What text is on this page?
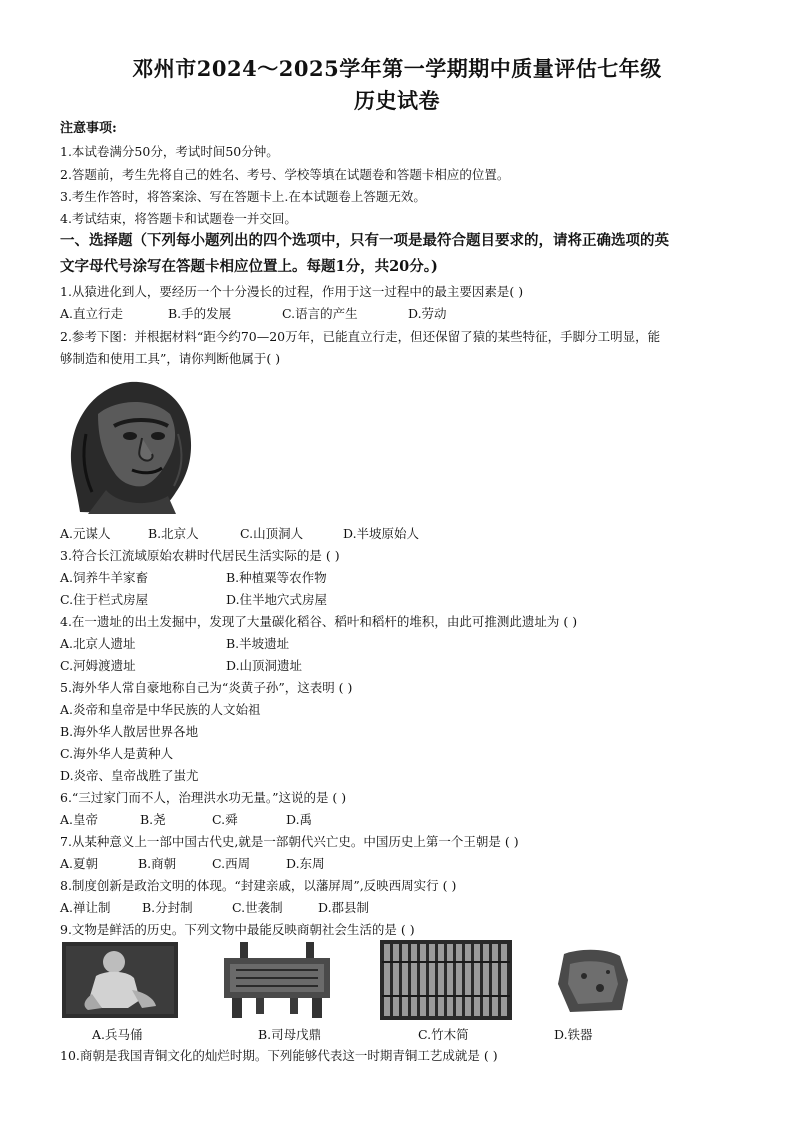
邓州市2024～2025学年第一学期期中质量评估七年级
历史试卷
注意事项:
1.本试卷满分50分，考试时间50分钟。
2.答题前，考生先将自己的姓名、考号、学校等填在试题卷和答题卡相应的位置。
3.考生作答时，将答案涂、写在答题卡上.在本试题卷上答题无效。
4.考试结束，将答题卡和试题卷一并交回。
一、选择题（下列每小题列出的四个选项中，只有一项是最符合题目要求的，请将正确选项的英
文字母代号涂写在答题卡相应位置上。每题1分，共20分。)
1.从猿进化到人，要经历一个十分漫长的过程，作用于这一过程中的最主要因素是( )
A.直立行走	B.手的发展	C.语言的产生	D.劳动
2.参考下图：并根据材料“距今约70—20万年，已能直立行走，但还保留了猿的某些特征，手脚分工明显，能
够制造和使用工具”，请你判断他属于( )
A.元谋人	B.北京人	C.山顶洞人	D.半坡原始人
3.符合长江流域原始农耕时代居民生活实际的是 ( )
A.饲养牛羊家畜	B.种植粟等农作物
C.住于栏式房屋	D.住半地穴式房屋
4.在一遗址的出土发掘中，发现了大量碳化稻谷、稻叶和稻杆的堆积，由此可推测此遗址为 ( )
A.北京人遗址	B.半坡遗址
C.河姆渡遗址	D.山顶洞遗址
5.海外华人常自豪地称自己为“炎黄子孙”，这表明 ( )
A.炎帝和皇帝是中华民族的人文始祖
B.海外华人散居世界各地
C.海外华人是黄种人
D.炎帝、皇帝战胜了蚩尤
6.“三过家门而不人，治理洪水功无量。”这说的是 ( )
A.皇帝	B.尧	C.舜	D.禹
7.从某种意义上一部中国古代史,就是一部朝代兴亡史。中国历史上第一个王朝是 ( )
A.夏朝	B.商朝	C.西周	D.东周
8.制度创新是政治文明的体现。“封建亲戚，以藩屏周”,反映西周实行 ( )
A.禅让制	B.分封制	C.世袭制	D.郡县制
9.文物是鲜活的历史。下列文物中最能反映商朝社会生活的是 ( )
A.兵马俑	B.司母戊鼎	C.竹木简	D.铁器
10.商朝是我国青铜文化的灿烂时期。下列能够代表这一时期青铜工艺成就是 ( )
